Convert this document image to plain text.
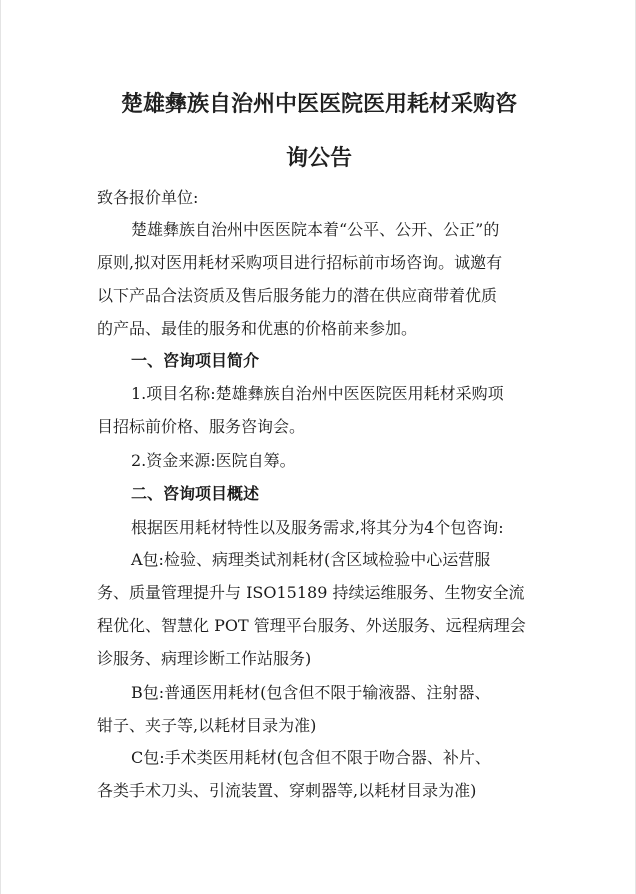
楚雄彝族自治州中医医院医用耗材采购咨
询公告
致各报价单位:
楚雄彝族自治州中医医院本着“公平、公开、公正”的
原则,拟对医用耗材采购项目进行招标前市场咨询。诚邀有
以下产品合法资质及售后服务能力的潜在供应商带着优质
的产品、最佳的服务和优惠的价格前来参加。
一、咨询项目简介
1.项目名称:楚雄彝族自治州中医医院医用耗材采购项
目招标前价格、服务咨询会。
2.资金来源:医院自筹。
二、咨询项目概述
根据医用耗材特性以及服务需求,将其分为4个包咨询:
A包:检验、病理类试剂耗材(含区域检验中心运营服
务、质量管理提升与 ISO15189 持续运维服务、生物安全流
程优化、智慧化 POT 管理平台服务、外送服务、远程病理会
诊服务、病理诊断工作站服务)
B包:普通医用耗材(包含但不限于输液器、注射器、
钳子、夹子等,以耗材目录为准)
C包:手术类医用耗材(包含但不限于吻合器、补片、
各类手术刀头、引流装置、穿刺器等,以耗材目录为准)
